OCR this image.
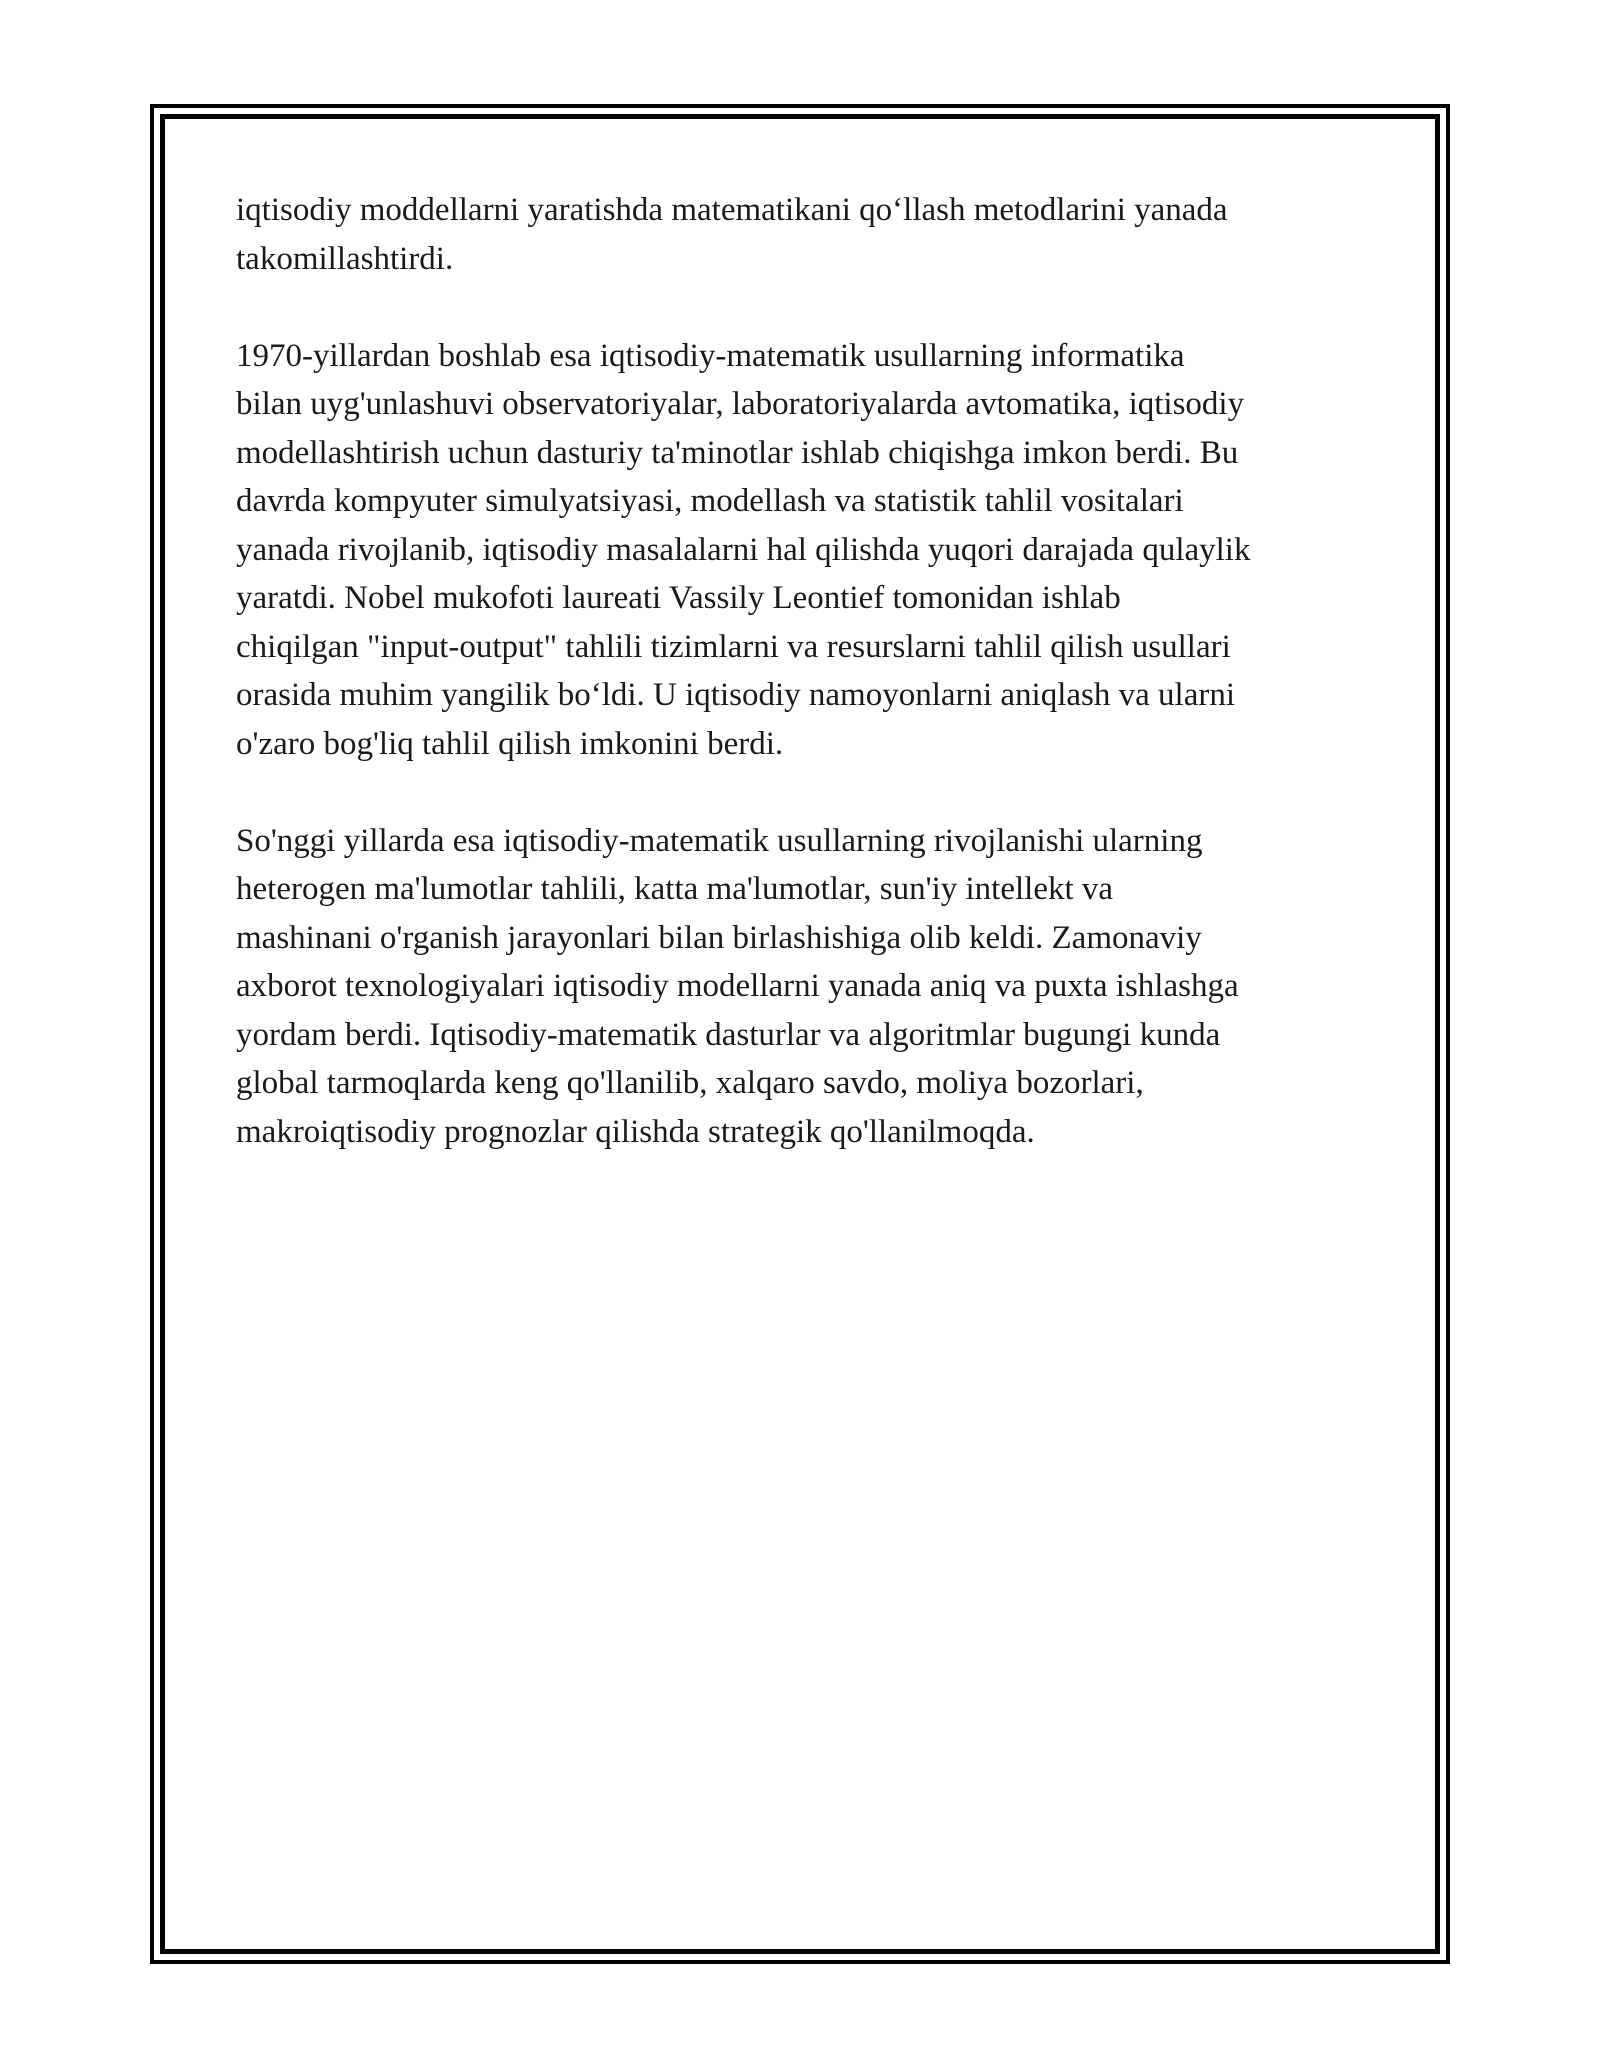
iqtisodiy moddellarni yaratishda matematikani qo‘llash metodlarini yanada
takomillashtirdi.

1970-yillardan boshlab esa iqtisodiy-matematik usullarning informatika
bilan uyg'unlashuvi observatoriyalar, laboratoriyalarda avtomatika, iqtisodiy
modellashtirish uchun dasturiy ta'minotlar ishlab chiqishga imkon berdi. Bu
davrda kompyuter simulyatsiyasi, modellash va statistik tahlil vositalari
yanada rivojlanib, iqtisodiy masalalarni hal qilishda yuqori darajada qulaylik
yaratdi. Nobel mukofoti laureati Vassily Leontief tomonidan ishlab
chiqilgan "input-output" tahlili tizimlarni va resurslarni tahlil qilish usullari
orasida muhim yangilik bo‘ldi. U iqtisodiy namoyonlarni aniqlash va ularni
o'zaro bog'liq tahlil qilish imkonini berdi.

So'nggi yillarda esa iqtisodiy-matematik usullarning rivojlanishi ularning
heterogen ma'lumotlar tahlili, katta ma'lumotlar, sun'iy intellekt va
mashinani o'rganish jarayonlari bilan birlashishiga olib keldi. Zamonaviy
axborot texnologiyalari iqtisodiy modellarni yanada aniq va puxta ishlashga
yordam berdi. Iqtisodiy-matematik dasturlar va algoritmlar bugungi kunda
global tarmoqlarda keng qo'llanilib, xalqaro savdo, moliya bozorlari,
makroiqtisodiy prognozlar qilishda strategik qo'llanilmoqda.
